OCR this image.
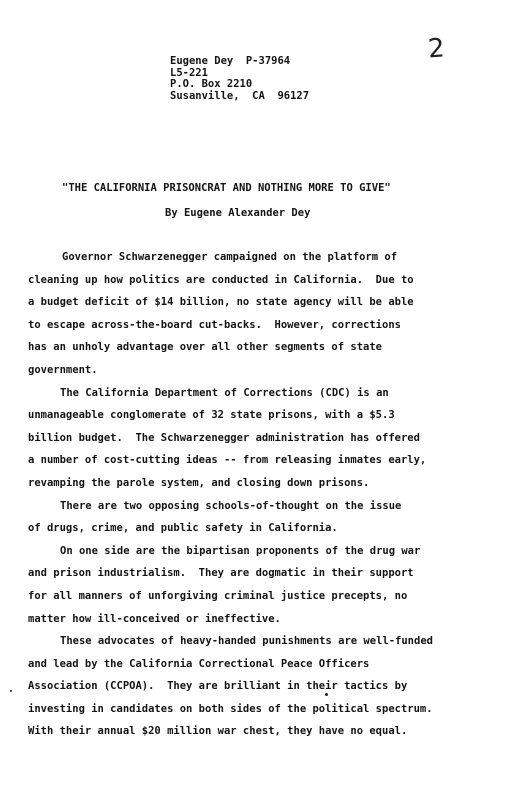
2
Eugene Dey  P-37964
L5-221
P.O. Box 2210
Susanville,  CA  96127
"THE CALIFORNIA PRISONCRAT AND NOTHING MORE TO GIVE"
By Eugene Alexander Dey
Governor Schwarzenegger campaigned on the platform of
cleaning up how politics are conducted in California.  Due to
a budget deficit of $14 billion, no state agency will be able
to escape across-the-board cut-backs.  However, corrections
has an unholy advantage over all other segments of state
government.
The California Department of Corrections (CDC) is an
unmanageable conglomerate of 32 state prisons, with a $5.3
billion budget.  The Schwarzenegger administration has offered
a number of cost-cutting ideas -- from releasing inmates early,
revamping the parole system, and closing down prisons.
There are two opposing schools-of-thought on the issue
of drugs, crime, and public safety in California.
On one side are the bipartisan proponents of the drug war
and prison industrialism.  They are dogmatic in their support
for all manners of unforgiving criminal justice precepts, no
matter how ill-conceived or ineffective.
These advocates of heavy-handed punishments are well-funded
and lead by the California Correctional Peace Officers
Association (CCPOA).  They are brilliant in their tactics by
investing in candidates on both sides of the political spectrum.
With their annual $20 million war chest, they have no equal.
